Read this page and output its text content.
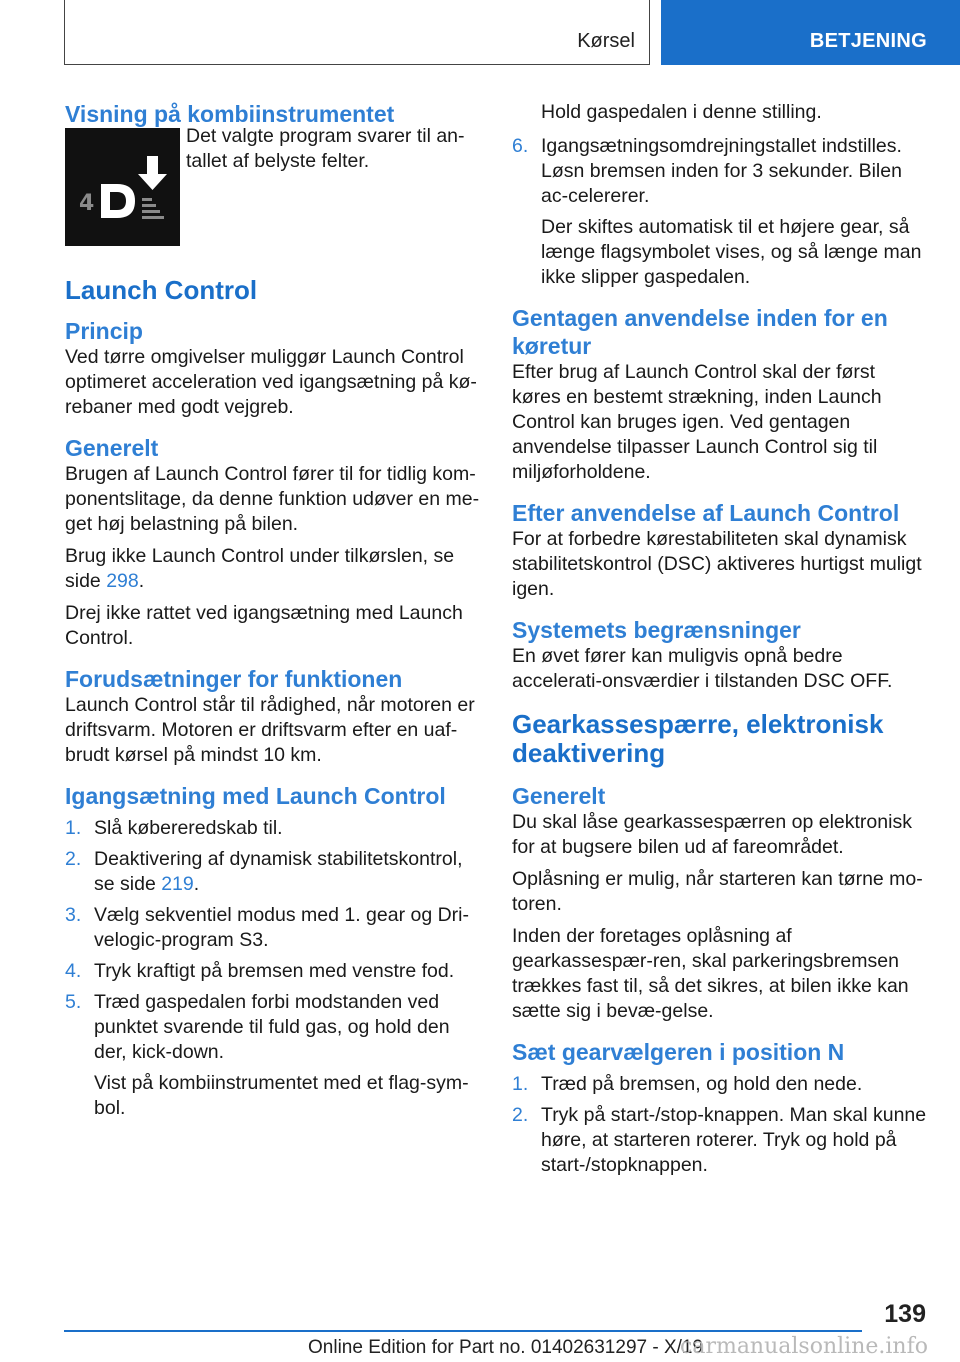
Kørsel	BETJENING
Visning på kombiinstrumentet
4

Det valgte program svarer til an-tallet af belyste felter.

Launch Control
Princip

Ved tørre omgivelser muliggør Launch Control optimeret acceleration ved igangsætning på kø-rebaner med godt vejgreb.

Generelt

Brugen af Launch Control fører til for tidlig kom-ponentslitage, da denne funktion udøver en me-get høj belastning på bilen.

Brug ikke Launch Control under tilkørslen, se side 298.

Drej ikke rattet ved igangsætning med Launch Control.

Forudsætninger for funktionen

Launch Control står til rådighed, når motoren er driftsvarm. Motoren er driftsvarm efter en uaf-brudt kørsel på mindst 10 km.

Igangsætning med Launch Control
1. Slå købereredskab til.
2. Deaktivering af dynamisk stabilitetskontrol, se side 219.
3. Vælg sekventiel modus med 1. gear og Dri-velogic-program S3.
4. Tryk kraftigt på bremsen med venstre fod.
5. Træd gaspedalen forbi modstanden ved punktet svarende til fuld gas, og hold den der, kick-down.

Vist på kombiinstrumentet med et flag-sym-bol.

Hold gaspedalen i denne stilling.

6. Igangsætningsomdrejningstallet indstilles. Løsn bremsen inden for 3 sekunder. Bilen ac-celererer.

Der skiftes automatisk til et højere gear, så længe flagsymbolet vises, og så længe man ikke slipper gaspedalen.

Gentagen anvendelse inden for en køretur

Efter brug af Launch Control skal der først køres en bestemt strækning, inden Launch Control kan bruges igen. Ved gentagen anvendelse tilpasser Launch Control sig til miljøforholdene.

Efter anvendelse af Launch Control

For at forbedre kørestabiliteten skal dynamisk stabilitetskontrol (DSC) aktiveres hurtigst muligt igen.

Systemets begrænsninger

En øvet fører kan muligvis opnå bedre accelerati-onsværdier i tilstanden DSC OFF.

Gearkassespærre, elektronisk deaktivering
Generelt

Du skal låse gearkassespærren op elektronisk for at bugsere bilen ud af fareområdet.

Oplåsning er mulig, når starteren kan tørne mo-toren.

Inden der foretages oplåsning af gearkassespær-ren, skal parkeringsbremsen trækkes fast til, så det sikres, at bilen ikke kan sætte sig i bevæ-gelse.

Sæt gearvælgeren i position N
1. Træd på bremsen, og hold den nede.
2. Tryk på start-/stop-knappen. Man skal kunne høre, at starteren roterer. Tryk og hold på start-/stopknappen.
139
Online Edition for Part no. 01402631297 - X/19
carmanualsonline.info
